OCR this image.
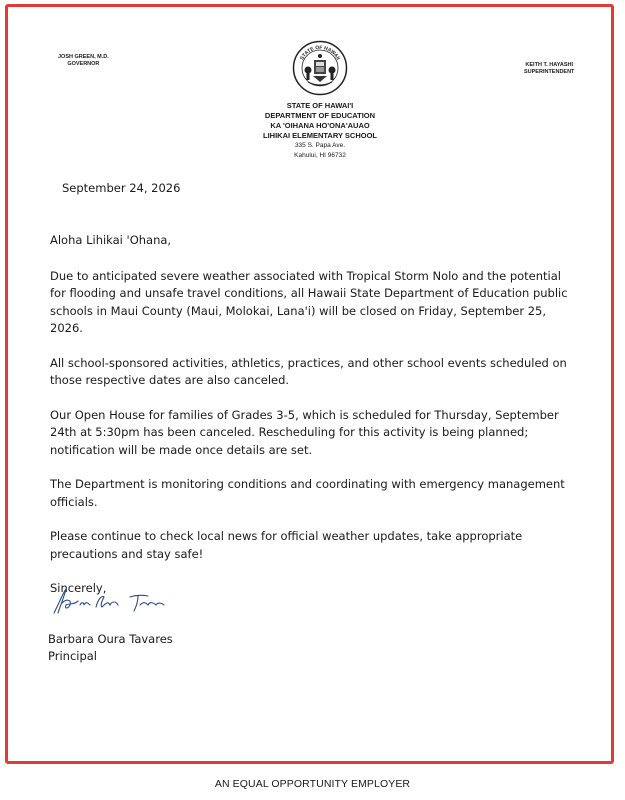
JOSH GREEN, M.D.
GOVERNOR
STATE OF HAWAII
KEITH T. HAYASHI
SUPERINTENDENT
STATE OF HAWAI'I
DEPARTMENT OF EDUCATION
KA 'OIHANA HO'ONA'AUAO
LIHIKAI ELEMENTARY SCHOOL
335 S. Papa Ave.
Kahului, HI 96732
September 24, 2026

Aloha Lihikai 'Ohana,

Due to anticipated severe weather associated with Tropical Storm Nolo and the potential for flooding and unsafe travel conditions, all Hawaii State Department of Education public schools in Maui County (Maui, Molokai, Lana'i) will be closed on Friday, September 25, 2026.

All school-sponsored activities, athletics, practices, and other school events scheduled on those respective dates are also canceled.

Our Open House for families of Grades 3-5, which is scheduled for Thursday, September 24th at 5:30pm has been canceled. Rescheduling for this activity is being planned; notification will be made once details are set.

The Department is monitoring conditions and coordinating with emergency management officials.

Please continue to check local news for official weather updates, take appropriate precautions and stay safe!

Sincerely,

Barbara Oura Tavares
Principal
AN EQUAL OPPORTUNITY EMPLOYER
